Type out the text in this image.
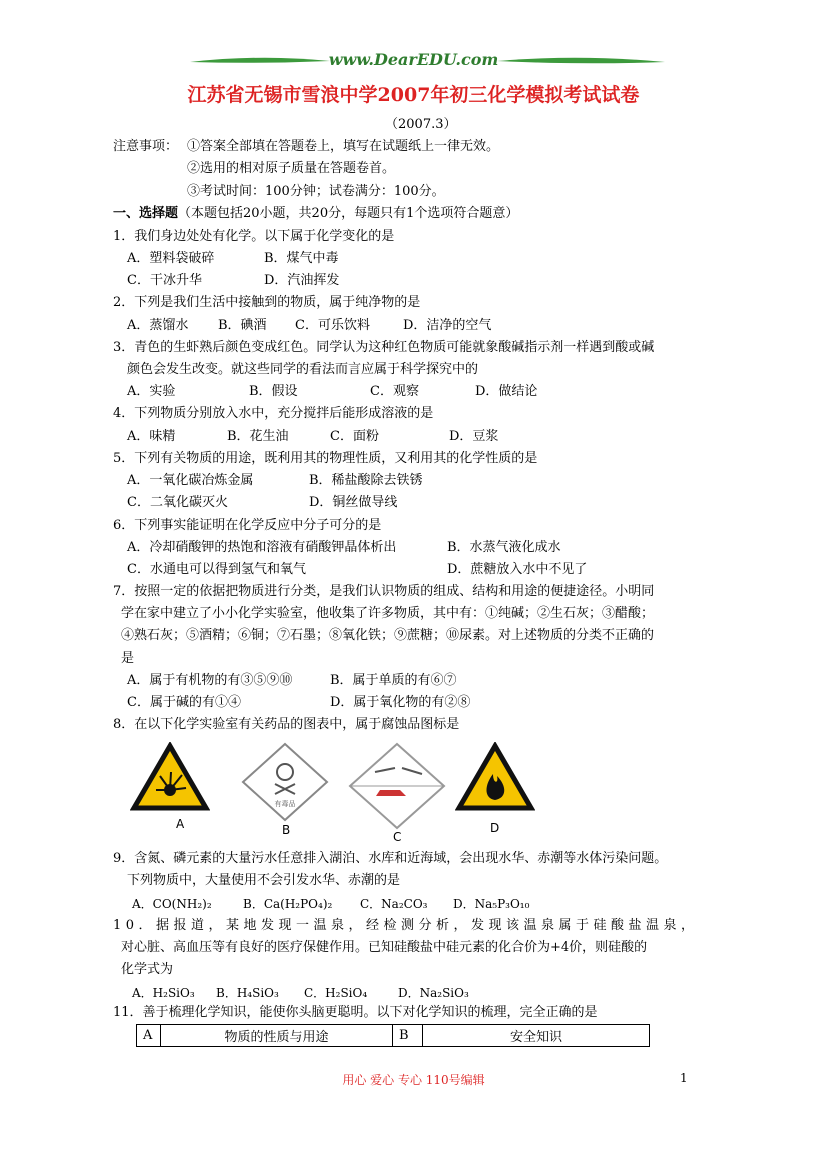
www.DearEDU.com
江苏省无锡市雪浪中学2007年初三化学模拟考试试卷
（2007.3）
注意事项： ①答案全部填在答题卷上，填写在试题纸上一律无效。
②选用的相对原子质量在答题卷首。
③考试时间：100分钟；试卷满分：100分。
一、选择题（本题包括20小题，共20分，每题只有1个选项符合题意）
1．我们身边处处有化学。以下属于化学变化的是
A．塑料袋破碎	B．煤气中毒
C．干冰升华	D．汽油挥发
2．下列是我们生活中接触到的物质，属于纯净物的是
A．蒸馏水 B．碘酒 C．可乐饮料	D．洁净的空气
3．青色的生虾熟后颜色变成红色。同学认为这种红色物质可能就象酸碱指示剂一样遇到酸或碱
颜色会发生改变。就这些同学的看法而言应属于科学探究中的
A．实验	B．假设	C．观察	D．做结论
4．下列物质分别放入水中，充分搅拌后能形成溶液的是
A．味精	B．花生油	C．面粉	D．豆浆
5．下列有关物质的用途，既利用其的物理性质，又利用其的化学性质的是
A．一氧化碳冶炼金属	B．稀盐酸除去铁锈
C．二氧化碳灭火	D．铜丝做导线
6．下列事实能证明在化学反应中分子可分的是
A．冷却硝酸钾的热饱和溶液有硝酸钾晶体析出	B．水蒸气液化成水
C．水通电可以得到氢气和氧气	D．蔗糖放入水中不见了
7．按照一定的依据把物质进行分类，是我们认识物质的组成、结构和用途的便捷途径。小明同
学在家中建立了小小化学实验室，他收集了许多物质，其中有：①纯碱；②生石灰；③醋酸；
④熟石灰；⑤酒精；⑥铜；⑦石墨；⑧氧化铁；⑨蔗糖；⑩尿素。对上述物质的分类不正确的
是
A．属于有机物的有③⑤⑨⑩	B．属于单质的有⑥⑦
C．属于碱的有①④	D．属于氧化物的有②⑧
8．在以下化学实验室有关药品的图表中，属于腐蚀品图标是
A
有毒品
B	C
D
9．含氮、磷元素的大量污水任意排入湖泊、水库和近海域，会出现水华、赤潮等水体污染问题。
下列物质中，大量使用不会引发水华、赤潮的是
A．CO(NH₂)₂	B．Ca(H₂PO₄)₂ C．Na₂CO₃ D．Na₅P₃O₁₀
10．据报道，某地发现一温泉，经检测分析，发现该温泉属于硅酸盐温泉，
对心脏、高血压等有良好的医疗保健作用。已知硅酸盐中硅元素的化合价为+4价，则硅酸的
化学式为
A．H₂SiO₃ B．H₄SiO₃ C．H₂SiO₄	D．Na₂SiO₃
11．善于梳理化学知识，能使你头脑更聪明。以下对化学知识的梳理，完全正确的是
A	物质的性质与用途	B	安全知识
用心 爱心 专心 110号编辑	1
